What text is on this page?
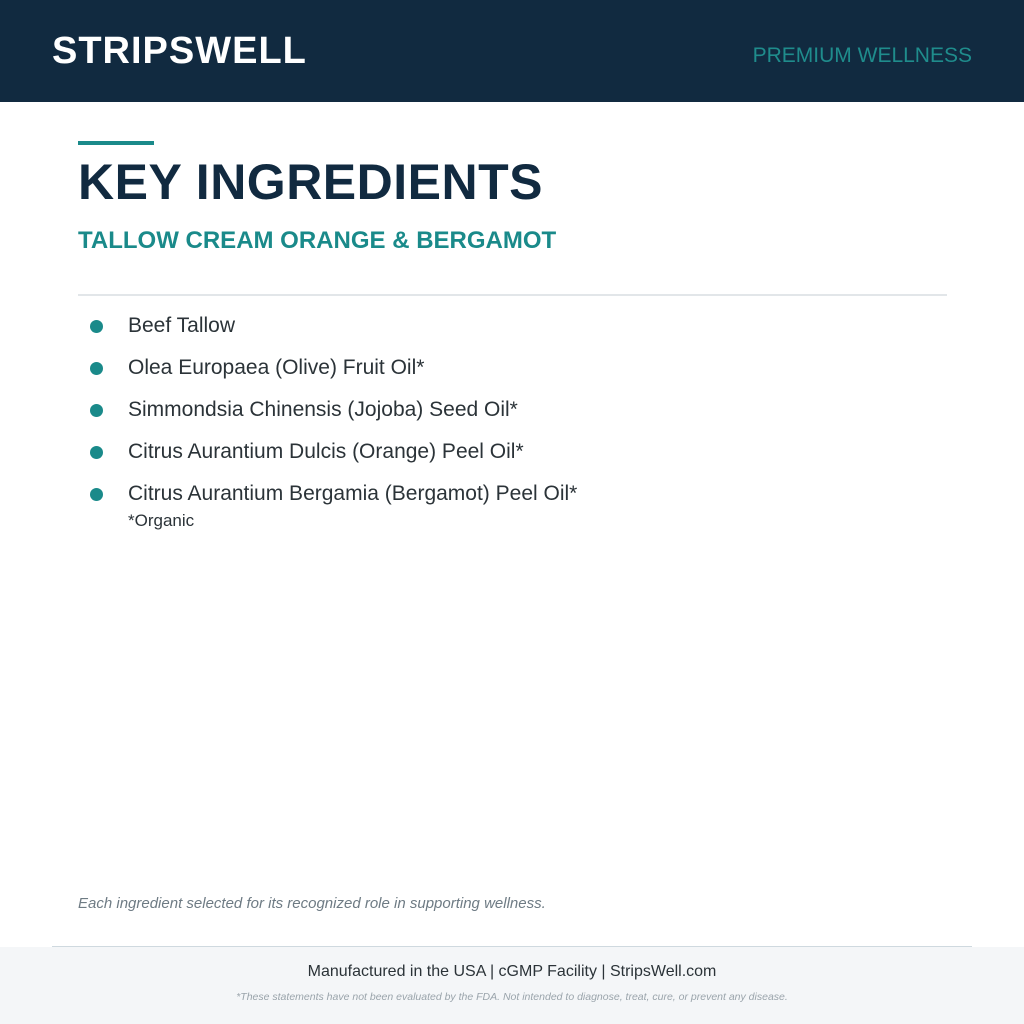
STRIPSWELL	PREMIUM WELLNESS
KEY INGREDIENTS
TALLOW CREAM ORANGE & BERGAMOT
Beef Tallow
Olea Europaea (Olive) Fruit Oil*
Simmondsia Chinensis (Jojoba) Seed Oil*
Citrus Aurantium Dulcis (Orange) Peel Oil*
Citrus Aurantium Bergamia (Bergamot) Peel Oil*
*Organic
Each ingredient selected for its recognized role in supporting wellness.
Manufactured in the USA | cGMP Facility | StripsWell.com
*These statements have not been evaluated by the FDA. Not intended to diagnose, treat, cure, or prevent any disease.
